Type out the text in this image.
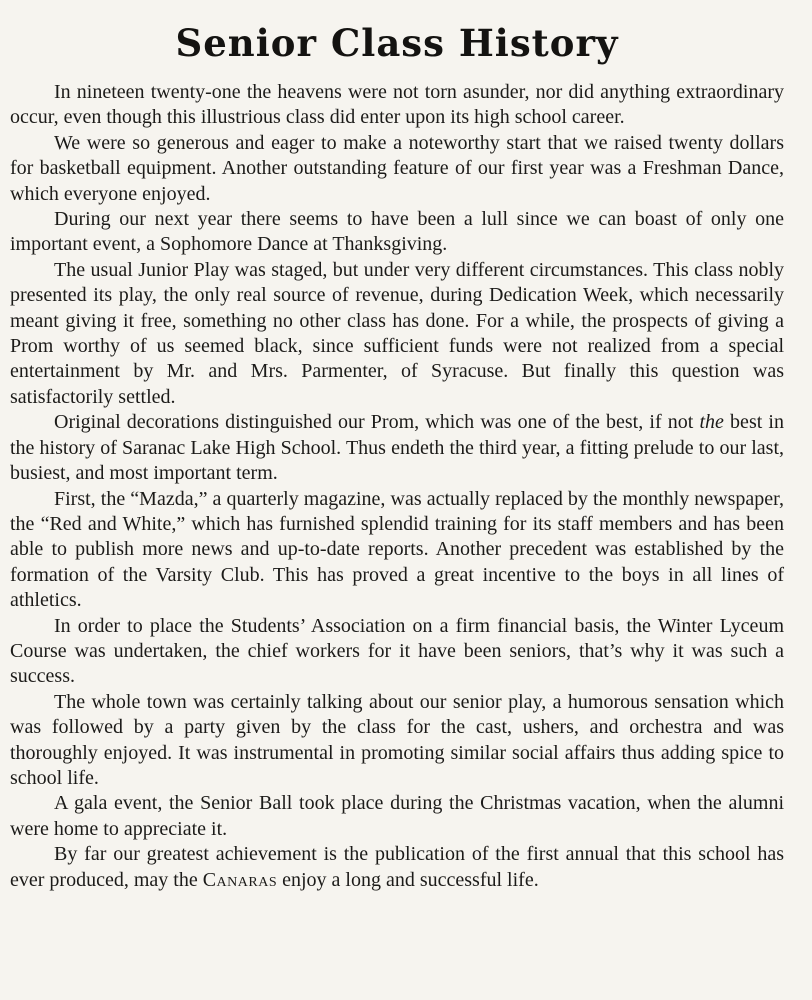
Senior Class History

In nineteen twenty-one the heavens were not torn asunder, nor did anything extraordinary occur, even though this illustrious class did enter upon its high school career.

We were so generous and eager to make a noteworthy start that we raised twenty dollars for basketball equipment. Another outstanding feature of our first year was a Freshman Dance, which everyone enjoyed.

During our next year there seems to have been a lull since we can boast of only one important event, a Sophomore Dance at Thanksgiving.

The usual Junior Play was staged, but under very different circumstances. This class nobly presented its play, the only real source of revenue, during Dedication Week, which necessarily meant giving it free, something no other class has done. For a while, the prospects of giving a Prom worthy of us seemed black, since sufficient funds were not realized from a special entertainment by Mr. and Mrs. Parmenter, of Syracuse. But finally this question was satisfactorily settled.

Original decorations distinguished our Prom, which was one of the best, if not the best in the history of Saranac Lake High School. Thus endeth the third year, a fitting prelude to our last, busiest, and most important term.

First, the “Mazda,” a quarterly magazine, was actually replaced by the monthly newspaper, the “Red and White,” which has furnished splendid training for its staff members and has been able to publish more news and up-to-date reports. Another precedent was established by the formation of the Varsity Club. This has proved a great incentive to the boys in all lines of athletics.

In order to place the Students’ Association on a firm financial basis, the Winter Lyceum Course was undertaken, the chief workers for it have been seniors, that’s why it was such a success.

The whole town was certainly talking about our senior play, a humorous sensation which was followed by a party given by the class for the cast, ushers, and orchestra and was thoroughly enjoyed. It was instrumental in promoting similar social affairs thus adding spice to school life.

A gala event, the Senior Ball took place during the Christmas vacation, when the alumni were home to appreciate it.

By far our greatest achievement is the publication of the first annual that this school has ever produced, may the Canaras enjoy a long and successful life.
